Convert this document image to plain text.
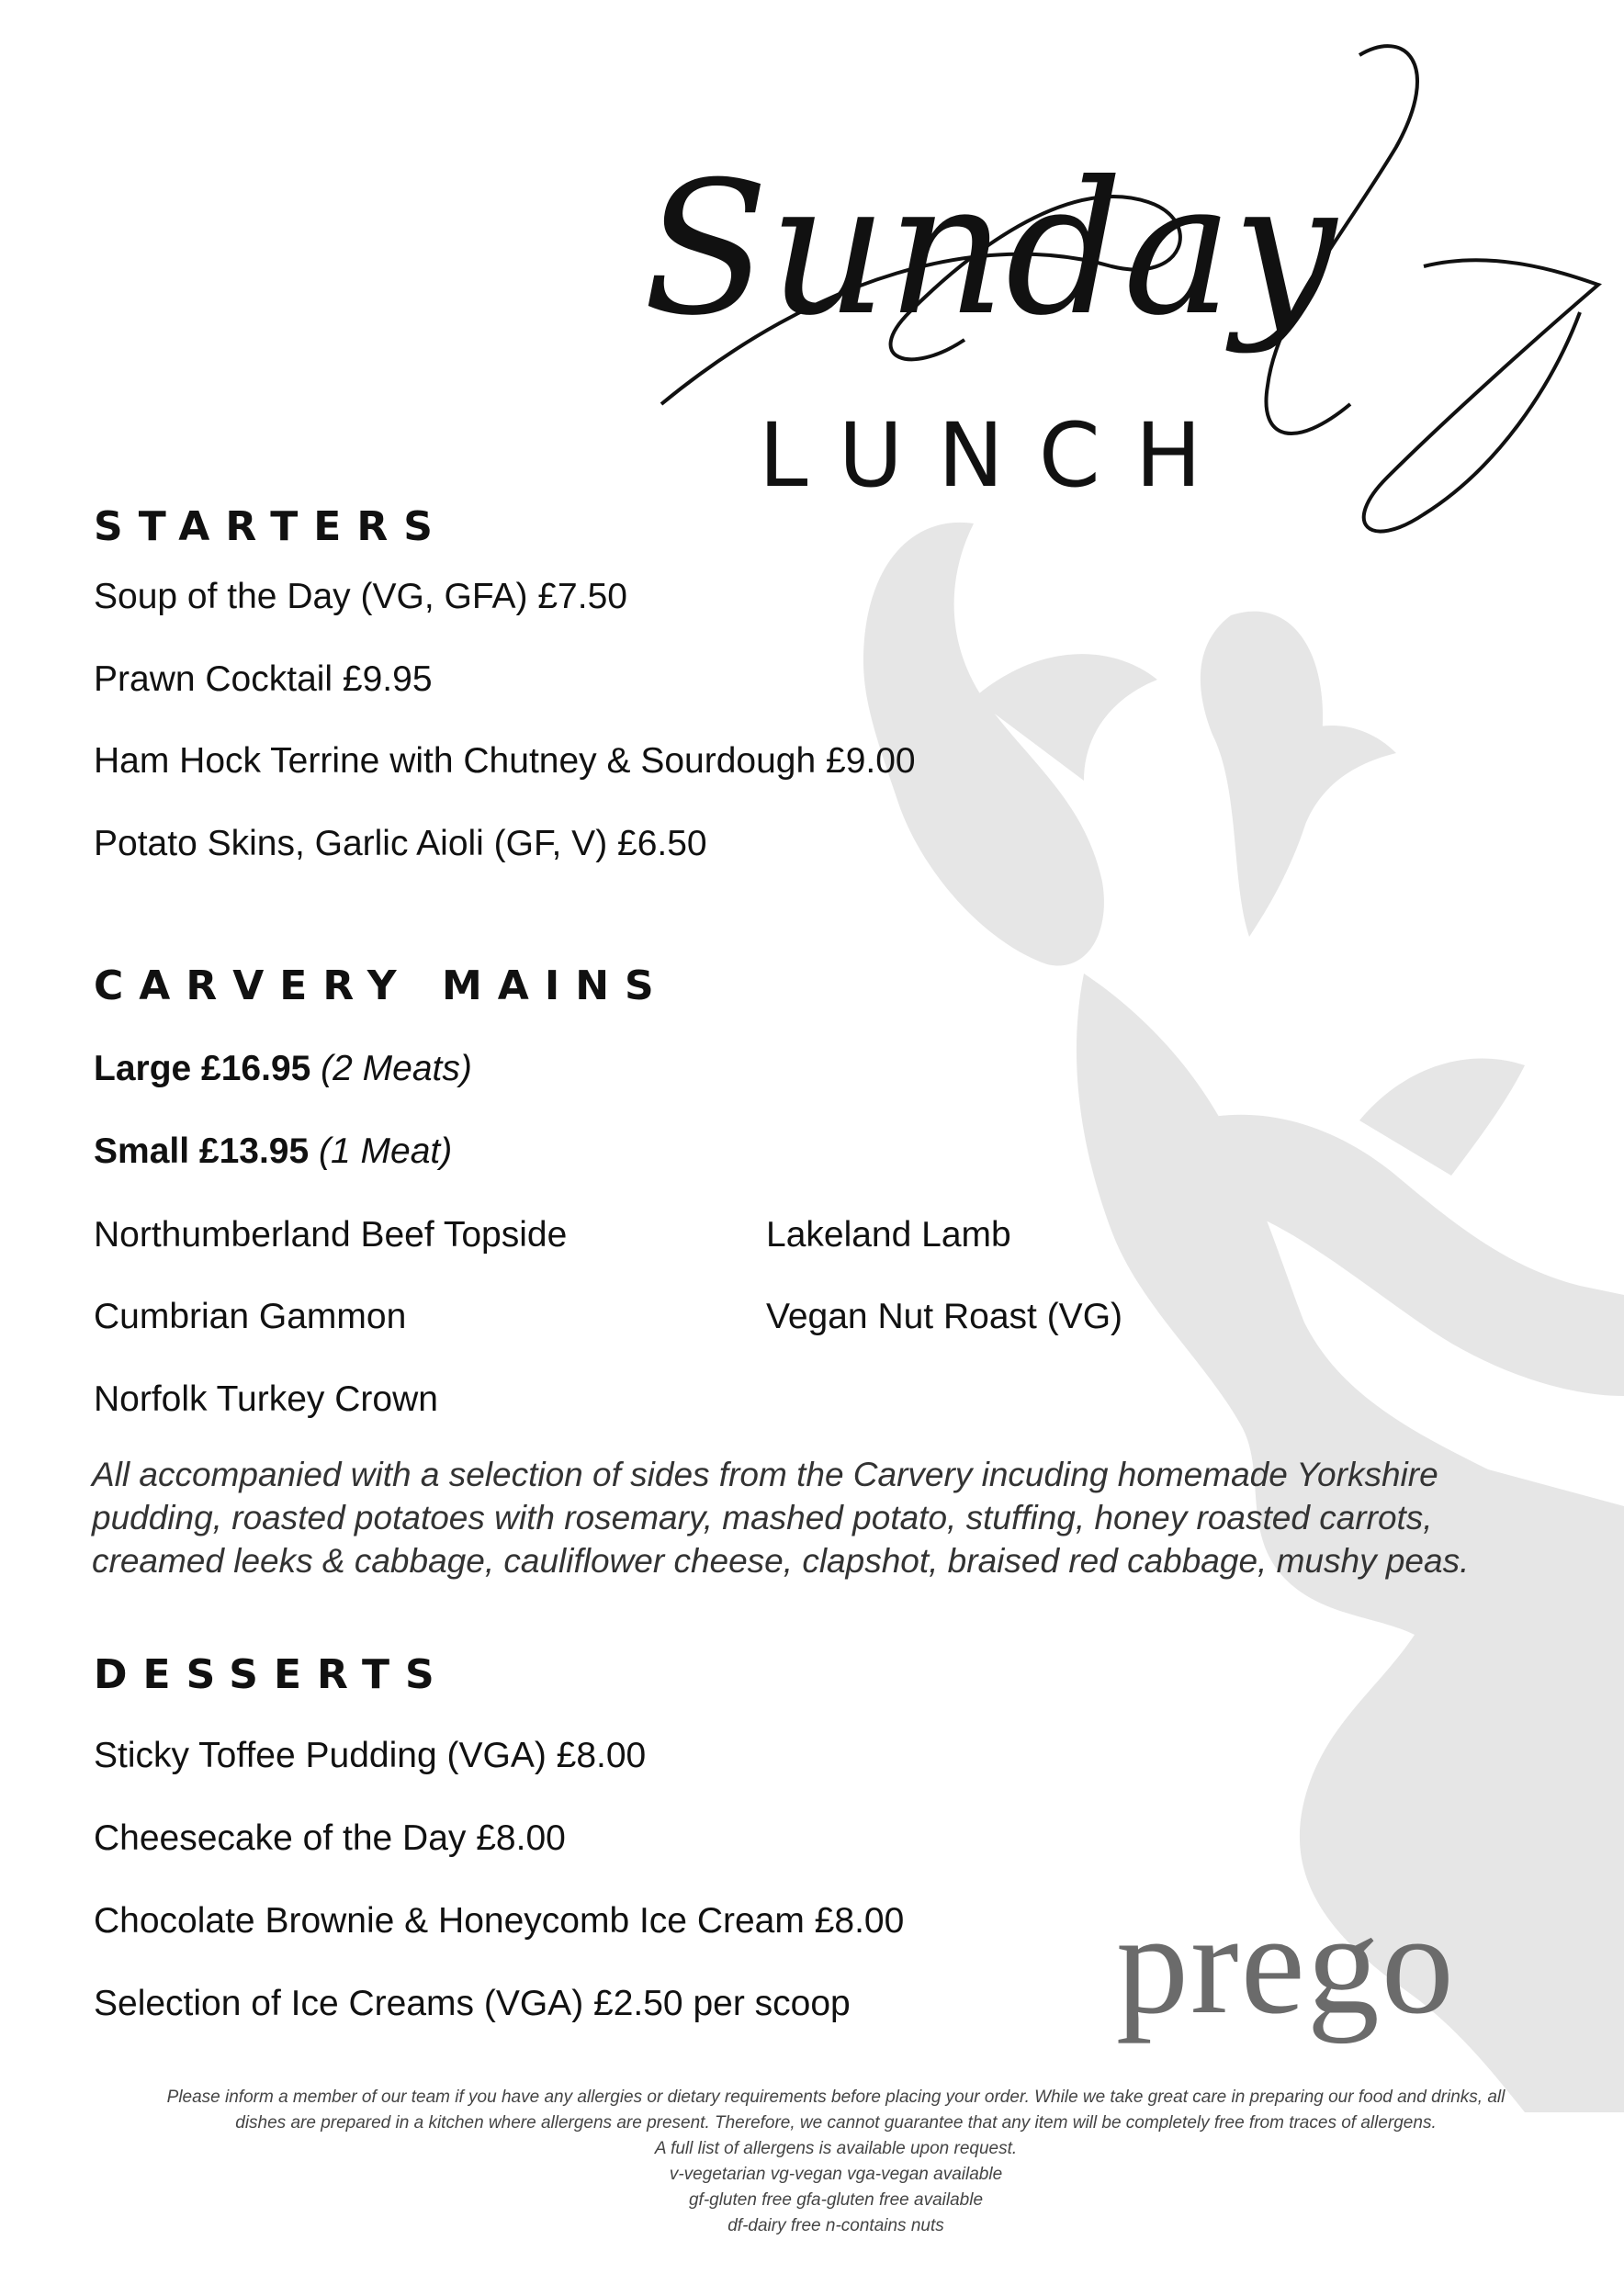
Sunday
LUNCH
STARTERS
Soup of the Day (VG, GFA) £7.50
Prawn Cocktail £9.95
Ham Hock Terrine with Chutney & Sourdough £9.00
Potato Skins, Garlic Aioli (GF, V) £6.50
CARVERY MAINS
Large £16.95 (2 Meats)
Small £13.95 (1 Meat)
Northumberland Beef Topside	Lakeland Lamb
Cumbrian Gammon	Vegan Nut Roast (VG)
Norfolk Turkey Crown
All accompanied with a selection of sides from the Carvery incuding homemade Yorkshire
pudding, roasted potatoes with rosemary, mashed potato, stuffing, honey roasted carrots,
creamed leeks & cabbage, cauliflower cheese, clapshot, braised red cabbage, mushy peas.
DESSERTS
Sticky Toffee Pudding (VGA) £8.00
Cheesecake of the Day £8.00
Chocolate Brownie & Honeycomb Ice Cream £8.00
Selection of Ice Creams (VGA) £2.50 per scoop prego
Please inform a member of our team if you have any allergies or dietary requirements before placing your order. While we take great care in preparing our food and drinks, all
dishes are prepared in a kitchen where allergens are present. Therefore, we cannot guarantee that any item will be completely free from traces of allergens.
A full list of allergens is available upon request.
v-vegetarian vg-vegan vga-vegan available
gf-gluten free gfa-gluten free available
df-dairy free n-contains nuts
